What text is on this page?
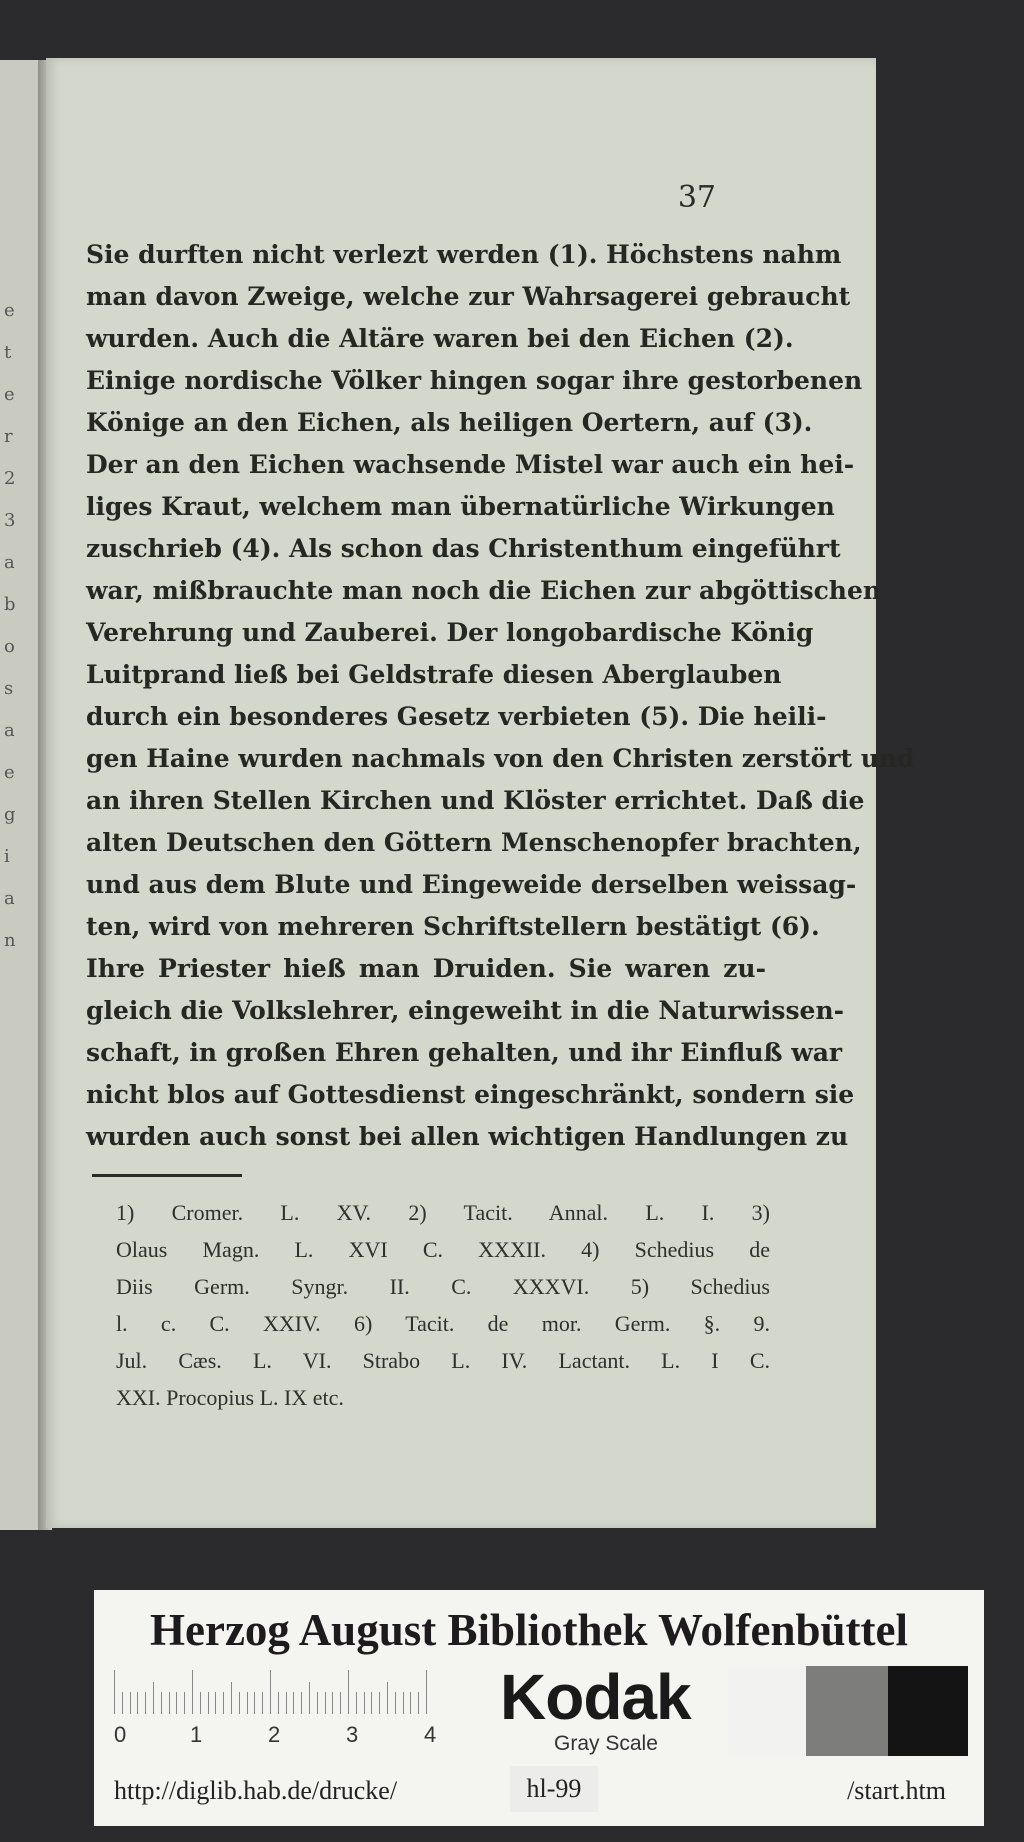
e
t
e
r
2
3
a
b
o
s
a
e
g
i
a
n
37
Sie durften nicht verlezt werden (1). Höchstens nahm
man davon Zweige, welche zur Wahrsagerei gebraucht
wurden. Auch die Altäre waren bei den Eichen (2).
Einige nordische Völker hingen sogar ihre gestorbenen
Könige an den Eichen, als heiligen Oertern, auf (3).
Der an den Eichen wachsende Mistel war auch ein hei-
liges Kraut, welchem man übernatürliche Wirkungen
zuschrieb (4). Als schon das Christenthum eingeführt
war, mißbrauchte man noch die Eichen zur abgöttischen
Verehrung und Zauberei. Der longobardische König
Luitprand ließ bei Geldstrafe diesen Aberglauben
durch ein besonderes Gesetz verbieten (5). Die heili-
gen Haine wurden nachmals von den Christen zerstört und
an ihren Stellen Kirchen und Klöster errichtet. Daß die
alten Deutschen den Göttern Menschenopfer brachten,
und aus dem Blute und Eingeweide derselben weissag-
ten, wird von mehreren Schriftstellern bestätigt (6).
Ihre Priester hieß man Druiden. Sie waren zu-
gleich die Volkslehrer, eingeweiht in die Naturwissen-
schaft, in großen Ehren gehalten, und ihr Einfluß war
nicht blos auf Gottesdienst eingeschränkt, sondern sie
wurden auch sonst bei allen wichtigen Handlungen zu
1) Cromer. L. XV. 2) Tacit. Annal. L. I. 3)
Olaus Magn. L. XVI C. XXXII. 4) Schedius de
Diis Germ. Syngr. II. C. XXXVI. 5) Schedius
l. c. C. XXIV. 6) Tacit. de mor. Germ. §. 9.
Jul. Cæs. L. VI. Strabo L. IV. Lactant. L. I C.
XXI. Procopius L. IX etc.
Herzog August Bibliothek Wolfenbüttel
0	1	2	3	4
Kodak
Gray Scale
http://diglib.hab.de/drucke/	hl-99	/start.htm
